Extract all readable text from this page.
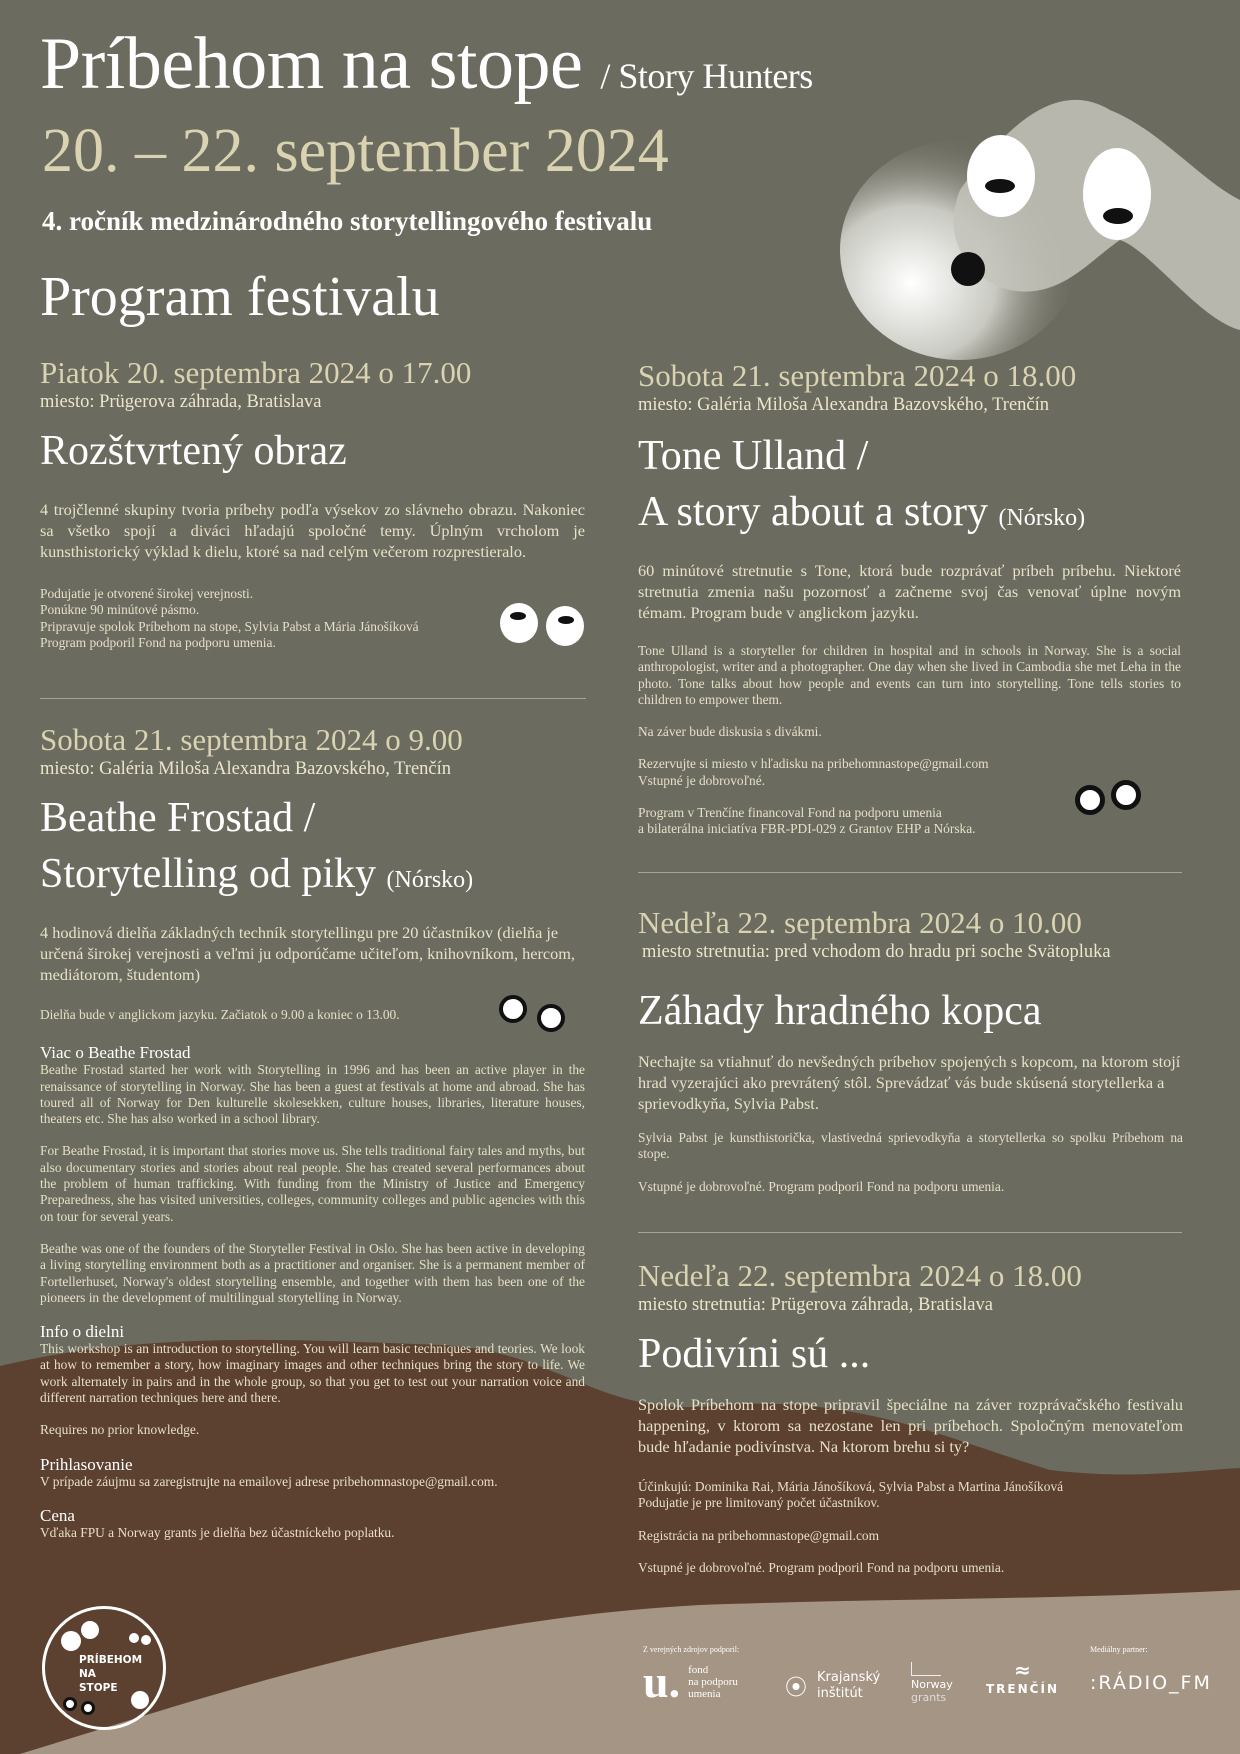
Príbehom na stope / Story Hunters
20. – 22. september 2024
4. ročník medzinárodného storytellingového festivalu
Program festivalu
Piatok 20. septembra 2024 o 17.00
miesto: Prügerova záhrada, Bratislava
Rozštvrtený obraz
4 trojčlenné skupiny tvoria príbehy podľa výsekov zo slávneho obrazu. Nakoniec sa všetko spojí a diváci hľadajú spoločné temy. Úplným vrcholom je kunsthistorický výklad k dielu, ktoré sa nad celým večerom rozprestieralo.
Podujatie je otvorené širokej verejnosti.
Ponúkne 90 minútové pásmo.
Pripravuje spolok Príbehom na stope, Sylvia Pabst a Mária Jánošíková
Program podporil Fond na podporu umenia.
Sobota 21. septembra 2024 o 9.00
miesto: Galéria Miloša Alexandra Bazovského, Trenčín
Beathe Frostad /
Storytelling od piky (Nórsko)
4 hodinová dielňa základných techník storytellingu pre 20 účastníkov (dielňa je určená širokej verejnosti a veľmi ju odporúčame učiteľom, knihovníkom, hercom, mediátorom, študentom)
Dielňa bude v anglickom jazyku. Začiatok o 9.00 a koniec o 13.00.
Viac o Beathe Frostad

Beathe Frostad started her work with Storytelling in 1996 and has been an active player in the renaissance of storytelling in Norway. She has been a guest at festivals at home and abroad. She has toured all of Norway for Den kulturelle skolesekken, culture houses, libraries, literature houses, theaters etc. She has also worked in a school library.

For Beathe Frostad, it is important that stories move us. She tells traditional fairy tales and myths, but also documentary stories and stories about real people. She has created several performances about the problem of human trafficking. With funding from the Ministry of Justice and Emergency Preparedness, she has visited universities, colleges, community colleges and public agencies with this on tour for several years.

Beathe was one of the founders of the Storyteller Festival in Oslo. She has been active in developing a living storytelling environment both as a practitioner and organiser. She is a permanent member of Fortellerhuset, Norway's oldest storytelling ensemble, and together with them has been one of the pioneers in the development of multilingual storytelling in Norway.

Info o dielni

This workshop is an introduction to storytelling. You will learn basic techniques and teories. We look at how to remember a story, how imaginary images and other techniques bring the story to life. We work alternately in pairs and in the whole group, so that you get to test out your narration voice and different narration techniques here and there.

Requires no prior knowledge.

Prihlasovanie
V prípade záujmu sa zaregistrujte na emailovej adrese pribehomnastope@gmail.com.
Cena
Vďaka FPU a Norway grants je dielňa bez účastníckeho poplatku.
Sobota 21. septembra 2024 o 18.00
miesto: Galéria Miloša Alexandra Bazovského, Trenčín
Tone Ulland /
A story about a story (Nórsko)
60 minútové stretnutie s Tone, ktorá bude rozprávať príbeh príbehu. Niektoré stretnutia zmenia našu pozornosť a začneme svoj čas venovať úplne novým témam. Program bude v anglickom jazyku.

Tone Ulland is a storyteller for children in hospital and in schools in Norway. She is a social anthropologist, writer and a photographer. One day when she lived in Cambodia she met Leha in the photo. Tone talks about how people and events can turn into storytelling. Tone tells stories to children to empower them.

Na záver bude diskusia s divákmi.

Rezervujte si miesto v hľadisku na pribehomnastope@gmail.com

Vstupné je dobrovoľné.

Program v Trenčíne financoval Fond na podporu umenia
a bilaterálna iniciatíva FBR-PDI-029 z Grantov EHP a Nórska.
Nedeľa 22. septembra 2024 o 10.00
miesto stretnutia: pred vchodom do hradu pri soche Svätopluka
Záhady hradného kopca
Nechajte sa vtiahnuť do nevšedných príbehov spojených s kopcom, na ktorom stojí hrad vyzerajúci ako prevrátený stôl. Sprevádzať vás bude skúsená storytellerka a sprievodkyňa, Sylvia Pabst.

Sylvia Pabst je kunsthistorička, vlastivedná sprievodkyňa a storytellerka so spolku Príbehom na stope.

Vstupné je dobrovoľné. Program podporil Fond na podporu umenia.

Nedeľa 22. septembra 2024 o 18.00
miesto stretnutia: Prügerova záhrada, Bratislava
Podivíni sú ...
Spolok Príbehom na stope pripravil špeciálne na záver rozprávačského festivalu happening, v ktorom sa nezostane len pri príbehoch. Spoločným menovateľom bude hľadanie podivínstva. Na ktorom brehu si ty?
Účinkujú: Dominika Rai, Mária Jánošíková, Sylvia Pabst a Martina Jánošíková

Podujatie je pre limitovaný počet účastníkov.

Registrácia na pribehomnastope@gmail.com

Vstupné je dobrovoľné. Program podporil Fond na podporu umenia.
PRÍBEHOM
NA
STOPE
Z verejných zdrojov podporil:
u. fond
na podporu
umenia	⦿ Krajanský
inštitút
Norway
grants
≈
TRENČÍN
Mediálny partner:
:RÁDIO_FM
